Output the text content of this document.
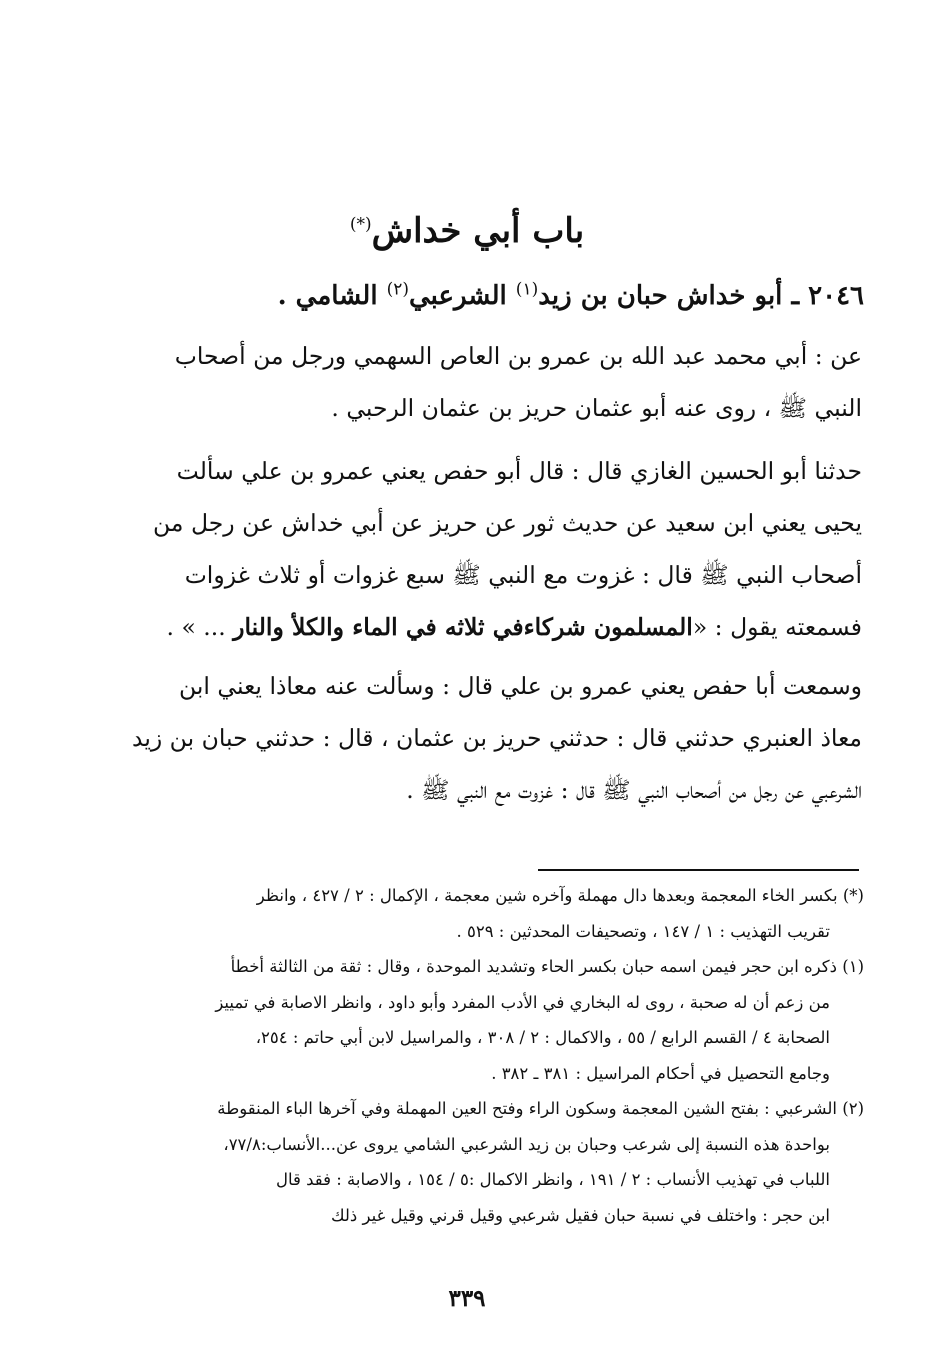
باب أبي خداش(*)
٢٠٤٦ ـ أبو خداش حبان بن زيد$^{(١)}$ الشرعبي$^{(٢)}$ الشامي .
عن : أبي محمد عبد الله بن عمرو بن العاص السهمي ورجل من أصحاب
النبي ﷺ ، روى عنه أبو عثمان حريز بن عثمان الرحبي .
حدثنا أبو الحسين الغازي قال : قال أبو حفص يعني عمرو بن علي سألت
يحيى يعني ابن سعيد عن حديث ثور عن حريز عن أبي خداش عن رجل من
أصحاب النبي ﷺ قال : غزوت مع النبي ﷺ سبع غزوات أو ثلاث غزوات
فسمعته يقول : «المسلمون شركاءفي ثلاثه في الماء والكلأ والنار ... » .
وسمعت أبا حفص يعني عمرو بن علي قال : وسألت عنه معاذا يعني ابن
معاذ العنبري حدثني قال : حدثني حريز بن عثمان ، قال : حدثني حبان بن زيد
الشرعبي عن رجل من أصحاب النبي ﷺ قال : غزوت مع النبي ﷺ .
(*) بكسر الخاء المعجمة وبعدها دال مهملة وآخره شين معجمة ، الإكمال : ٢ / ٤٢٧ ، وانظر
تقريب التهذيب : ١ / ١٤٧ ، وتصحيفات المحدثين : ٥٢٩ .
(١) ذكره ابن حجر فيمن اسمه حبان بكسر الحاء وتشديد الموحدة ، وقال : ثقة من الثالثة أخطأ
من زعم أن له صحبة ، روى له البخاري في الأدب المفرد وأبو داود ، وانظر الاصابة في تمييز
الصحابة ٤ / القسم الرابع / ٥٥ ، والاكمال : ٢ / ٣٠٨ ، والمراسيل لابن أبي حاتم : ٢٥٤،
وجامع التحصيل في أحكام المراسيل : ٣٨١ ـ ٣٨٢ .
(٢) الشرعبي : بفتح الشين المعجمة وسكون الراء وفتح العين المهملة وفي آخرها الباء المنقوطة
بواحدة هذه النسبة إلى شرعب وحبان بن زيد الشرعبي الشامي يروى عن...الأنساب:٧٧/٨،
اللباب في تهذيب الأنساب : ٢ / ١٩١ ، وانظر الاكمال :٥ / ١٥٤ ، والاصابة : فقد قال
ابن حجر : واختلف في نسبة حبان فقيل شرعبي وقيل قرني وقيل غير ذلك
٣٣٩
